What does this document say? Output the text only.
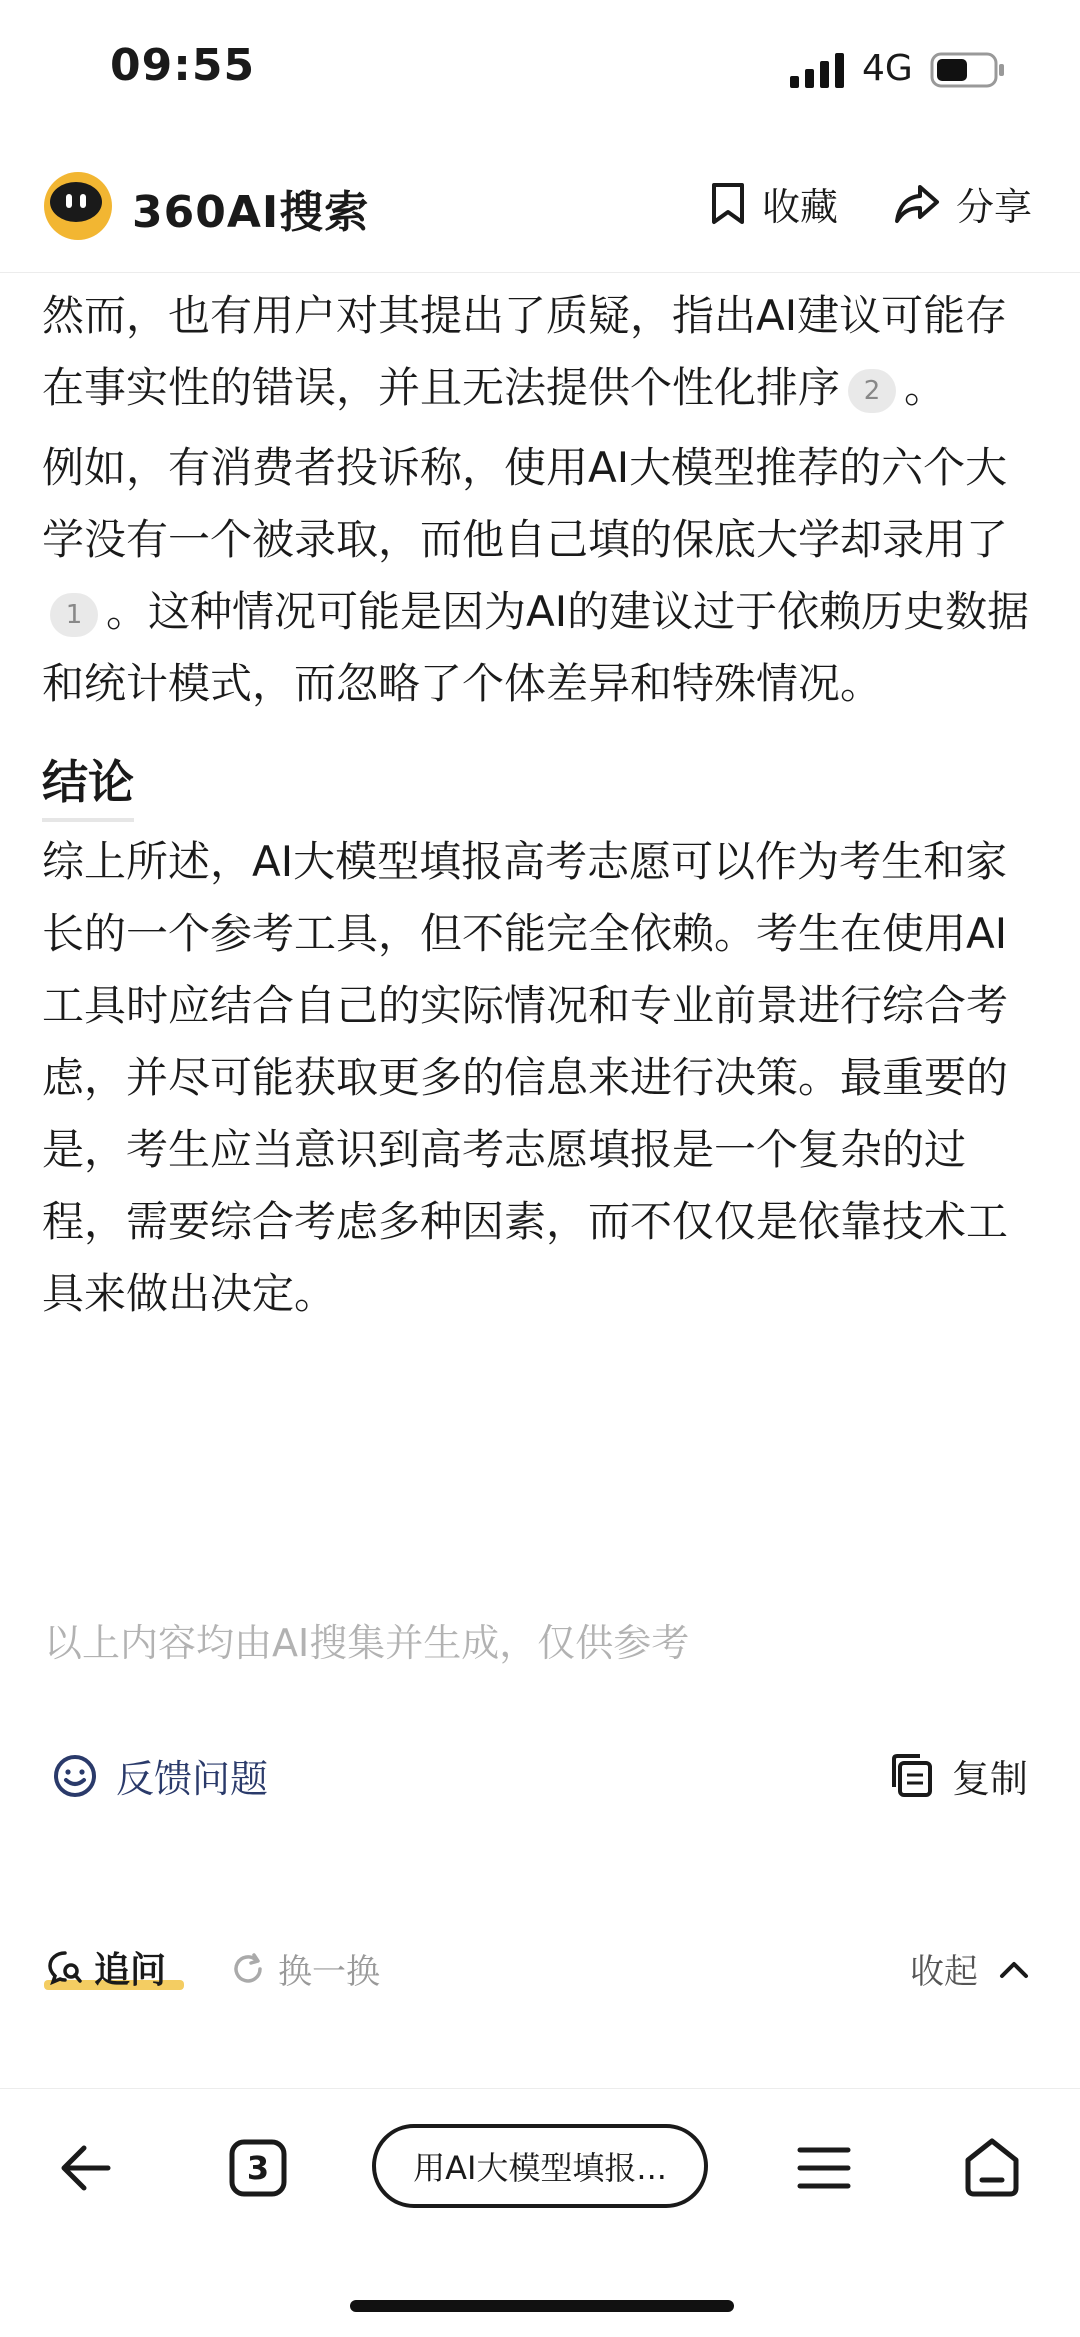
09:55	4G
360AI搜索	收藏	分享

然而，也有用户对其提出了质疑，指出AI建议可能存在事实性的错误，并且无法提供个性化排序 2 。

例如，有消费者投诉称，使用AI大模型推荐的六个大学没有一个被录取，而他自己填的保底大学却录用了1 。这种情况可能是因为AI的建议过于依赖历史数据和统计模式，而忽略了个体差异和特殊情况。

结论

综上所述，AI大模型填报高考志愿可以作为考生和家长的一个参考工具，但不能完全依赖。考生在使用AI工具时应结合自己的实际情况和专业前景进行综合考虑，并尽可能获取更多的信息来进行决策。最重要的是，考生应当意识到高考志愿填报是一个复杂的过程，需要综合考虑多种因素，而不仅仅是依靠技术工具来做出决定。

以上内容均由AI搜集并生成，仅供参考
反馈问题	复制
追问	换一换	收起
3	用AI大模型填报...
